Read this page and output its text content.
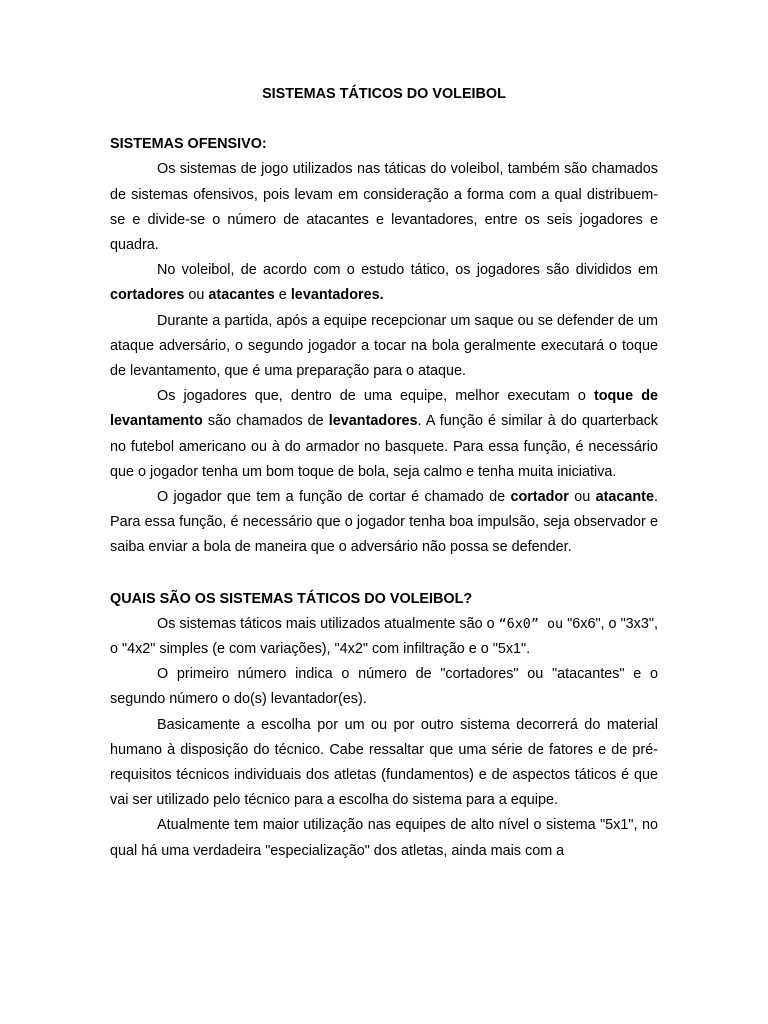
SISTEMAS TÁTICOS DO VOLEIBOL

SISTEMAS OFENSIVO:

Os sistemas de jogo utilizados nas táticas do voleibol, também são chamados de sistemas ofensivos, pois levam em consideração a forma com a qual distribuem-se e divide-se o número de atacantes e levantadores, entre os seis jogadores e quadra.

No voleibol, de acordo com o estudo tático, os jogadores são divididos em cortadores ou atacantes e levantadores.

Durante a partida, após a equipe recepcionar um saque ou se defender de um ataque adversário, o segundo jogador a tocar na bola geralmente executará o toque de levantamento, que é uma preparação para o ataque.

Os jogadores que, dentro de uma equipe, melhor executam o toque de levantamento são chamados de levantadores. A função é similar à do quarterback no futebol americano ou à do armador no basquete. Para essa função, é necessário que o jogador tenha um bom toque de bola, seja calmo e tenha muita iniciativa.

O jogador que tem a função de cortar é chamado de cortador ou atacante. Para essa função, é necessário que o jogador tenha boa impulsão, seja observador e saiba enviar a bola de maneira que o adversário não possa se defender.

QUAIS SÃO OS SISTEMAS TÁTICOS DO VOLEIBOL?

Os sistemas táticos mais utilizados atualmente são o “6x0” ou "6x6", o "3x3", o "4x2" simples (e com variações), "4x2" com infiltração e o "5x1".

O primeiro número indica o número de "cortadores" ou "atacantes" e o segundo número o do(s) levantador(es).

Basicamente a escolha por um ou por outro sistema decorrerá do material humano à disposição do técnico. Cabe ressaltar que uma série de fatores e de pré-requisitos técnicos individuais dos atletas (fundamentos) e de aspectos táticos é que vai ser utilizado pelo técnico para a escolha do sistema para a equipe.

Atualmente tem maior utilização nas equipes de alto nível o sistema "5x1", no qual há uma verdadeira "especialização" dos atletas, ainda mais com a
